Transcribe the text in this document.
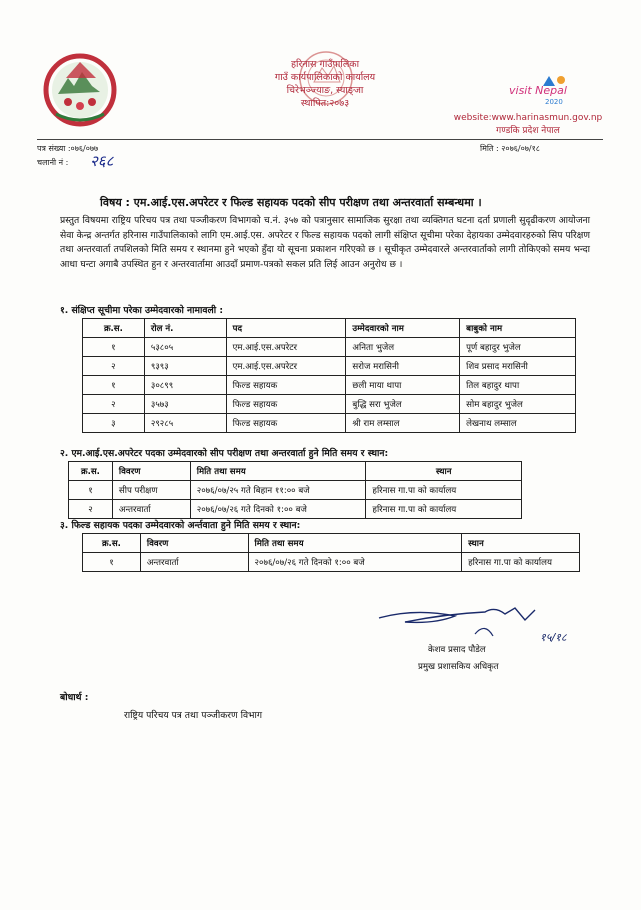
हरिनास गाउँपालिका
गाउँ कार्यपालिकाको कार्यालय
चिरेभञ्ज्याङ, स्याङ्जा
स्थापित:२०७३
visit Nepal
2020
website:www.harinasmun.gov.np
गण्डकि प्रदेश नेपाल
पत्र संख्या :०७६/०७७
चलानी नं : २६८
मिति : २०७६/०७/१८
विषय : एम.आई.एस.अपरेटर र फिल्ड सहायक पदको सीप परीक्षण तथा अन्तरवार्ता सम्बन्धमा ।
प्रस्तुत विषयमा राष्ट्रिय परिचय पत्र तथा पञ्जीकरण विभागको च.नं. ३५७ को पत्रानुसार सामाजिक सुरक्षा तथा व्यक्तिगत घटना दर्ता प्रणाली सुदृढीकरण आयोजना सेवा केन्द्र अन्तर्गत हरिनास गाउँपालिकाको लागि एम.आई.एस. अपरेटर र फिल्ड सहायक पदको लागी संक्षिप्त सूचीमा परेका देहायका उम्मेदवारहरुको सिप परिक्षण तथा अन्तरवार्ता तपशिलको मिति समय र स्थानमा हुने भएको हुँदा यो सूचना प्रकाशन गरिएको छ । सूचीकृत उम्मेदवारले अन्तरवार्ताको लागी तोकिएको समय भन्दा आधा घन्टा अगाबै उपस्थित हुन र अन्तरवार्तामा आउदाँ प्रमाण-पत्रको सकल प्रति लिई आउन अनुरोध छ ।
१. संक्षिप्त सूचीमा परेका उम्मेदवारको नामावली :
क्र.स.	रोल नं.	पद	उम्मेदवारको नाम	बाबुको नाम
१	५३८०५	एम.आई.एस.अपरेटर	अनिता भुजेल	पूर्ण बहादुर भुजेल
२	९३९३	एम.आई.एस.अपरेटर	सरोज मरासिनी	शिव प्रसाद मरासिनी
१	३०८९९	फिल्ड सहायक	छली माया थापा	तिल बहादुर थापा
२	३५७३	फिल्ड सहायक	बुद्धि सरा भुजेल	सोम बहादुर भुजेल
३	२९२८५	फिल्ड सहायक	श्री राम लम्साल	लेखनाथ लम्साल
२. एम.आई.एस.अपरेटर पदका उम्मेदवारको सीप परीक्षण तथा अन्तरवार्ता हुने मिति समय र स्थान:
क्र.स.	विवरण	मिति तथा समय	स्थान
१	सीप परीक्षण	२०७६/०७/२५ गते बिहान ११:०० बजे	हरिनास गा.पा को कार्यालय
२	अन्तरवार्ता	२०७६/०७/२६ गते दिनको १:०० बजे	हरिनास गा.पा को कार्यालय
३. फिल्ड सहायक पदका उम्मेदवारको अर्न्तवाता हुने मिति समय र स्थान:
क्र.स.	विवरण	मिति तथा समय	स्थान
१	अन्तरवार्ता	२०७६/०७/२६ गते दिनको १:०० बजे	हरिनास गा.पा को कार्यालय
१५/१८
केशव प्रसाद पौडेल
प्रमुख प्रशासकिय अधिकृत
बोधार्थ :
राष्ट्रिय परिचय पत्र तथा पञ्जीकरण विभाग
